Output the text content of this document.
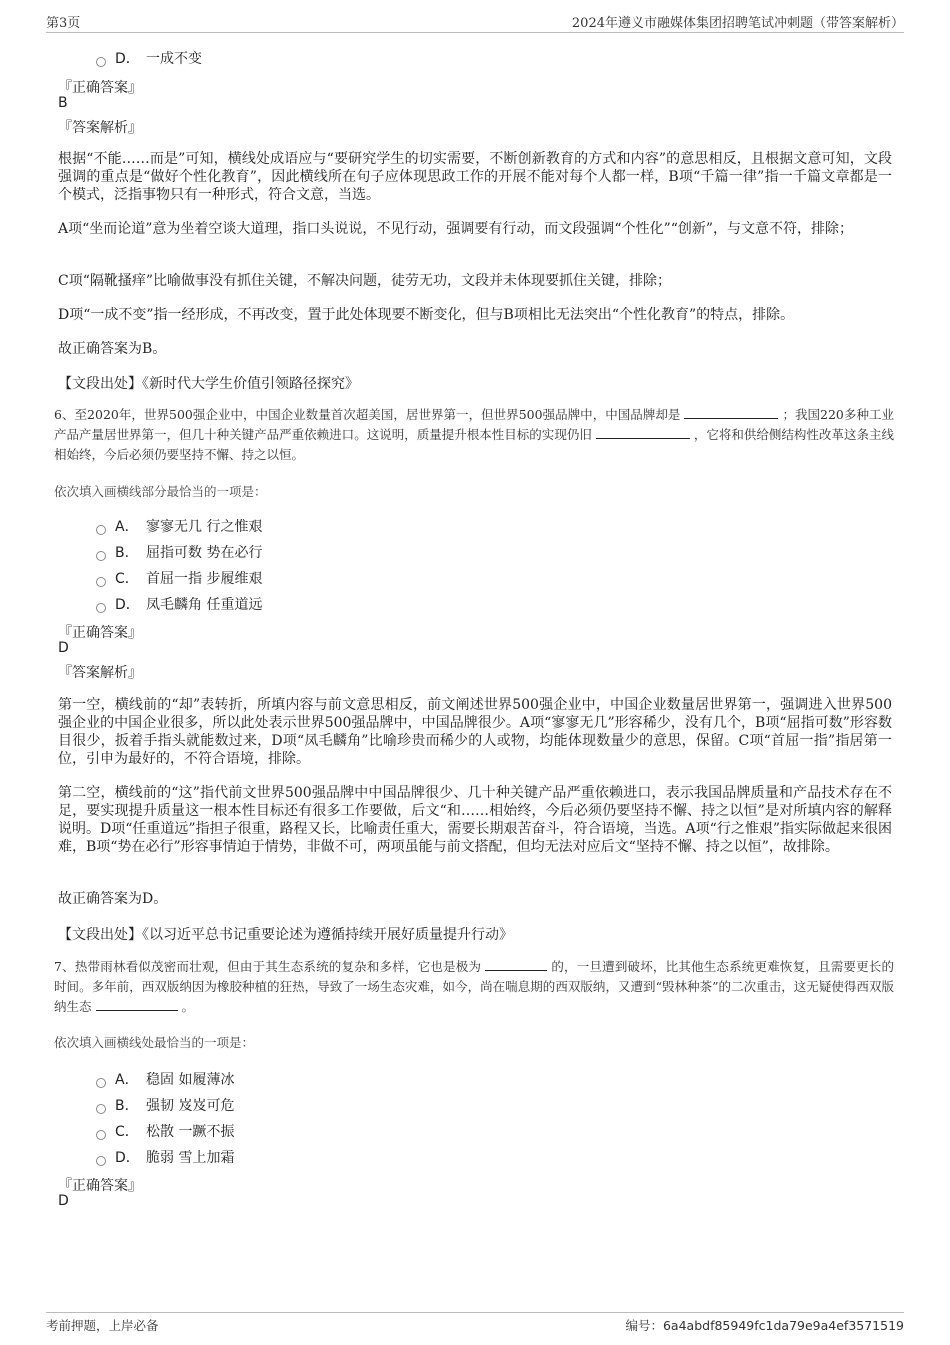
第3页	2024年遵义市融媒体集团招聘笔试冲刺题（带答案解析）
D． 一成不变
『正确答案』
B
『答案解析』
根据“不能……而是”可知，横线处成语应与“要研究学生的切实需要，不断创新教育的方式和内容”的意思相反，且根据文意可知，文段强调的重点是“做好个性化教育”，因此横线所在句子应体现思政工作的开展不能对每个人都一样，B项“千篇一律”指一千篇文章都是一个模式，泛指事物只有一种形式，符合文意，当选。
A项“坐而论道”意为坐着空谈大道理，指口头说说，不见行动，强调要有行动，而文段强调“个性化”“创新”，与文意不符，排除；
C项“隔靴搔痒”比喻做事没有抓住关键，不解决问题，徒劳无功，文段并未体现要抓住关键，排除；
D项“一成不变”指一经形成，不再改变，置于此处体现要不断变化，但与B项相比无法突出“个性化教育”的特点，排除。
故正确答案为B。
【文段出处】《新时代大学生价值引领路径探究》
6、至2020年，世界500强企业中，中国企业数量首次超美国，居世界第一，但世界500强品牌中，中国品牌却是	；我国220多种工业产品产量居世界第一，但几十种关键产品严重依赖进口。这说明，质量提升根本性目标的实现仍旧	，它将和供给侧结构性改革这条主线相始终，今后必须仍要坚持不懈、持之以恒。
依次填入画横线部分最恰当的一项是：
A． 寥寥无几 行之惟艰
B． 屈指可数 势在必行
C． 首屈一指 步履维艰
D． 凤毛麟角 任重道远
『正确答案』
D
『答案解析』
第一空，横线前的“却”表转折，所填内容与前文意思相反，前文阐述世界500强企业中，中国企业数量居世界第一，强调进入世界500强企业的中国企业很多，所以此处表示世界500强品牌中，中国品牌很少。A项“寥寥无几”形容稀少，没有几个，B项“屈指可数”形容数目很少，扳着手指头就能数过来，D项“凤毛麟角”比喻珍贵而稀少的人或物，均能体现数量少的意思，保留。C项“首屈一指”指居第一位，引申为最好的，不符合语境，排除。
第二空，横线前的“这”指代前文世界500强品牌中中国品牌很少、几十种关键产品严重依赖进口，表示我国品牌质量和产品技术存在不足，要实现提升质量这一根本性目标还有很多工作要做，后文“和……相始终，今后必须仍要坚持不懈、持之以恒”是对所填内容的解释说明。D项“任重道远”指担子很重，路程又长，比喻责任重大，需要长期艰苦奋斗，符合语境，当选。A项“行之惟艰”指实际做起来很困难，B项“势在必行”形容事情迫于情势，非做不可，两项虽能与前文搭配，但均无法对应后文“坚持不懈、持之以恒”，故排除。
故正确答案为D。
【文段出处】《以习近平总书记重要论述为遵循持续开展好质量提升行动》
7、热带雨林看似茂密而壮观，但由于其生态系统的复杂和多样，它也是极为	的，一旦遭到破坏，比其他生态系统更难恢复，且需要更长的时间。多年前，西双版纳因为橡胶种植的狂热，导致了一场生态灾难，如今，尚在喘息期的西双版纳，又遭到“毁林种茶”的二次重击，这无疑使得西双版纳生态	。
依次填入画横线处最恰当的一项是：
A． 稳固 如履薄冰
B． 强韧 岌岌可危
C． 松散 一蹶不振
D． 脆弱 雪上加霜
『正确答案』
D
考前押题，上岸必备	编号：6a4abdf85949fc1da79e9a4ef3571519
